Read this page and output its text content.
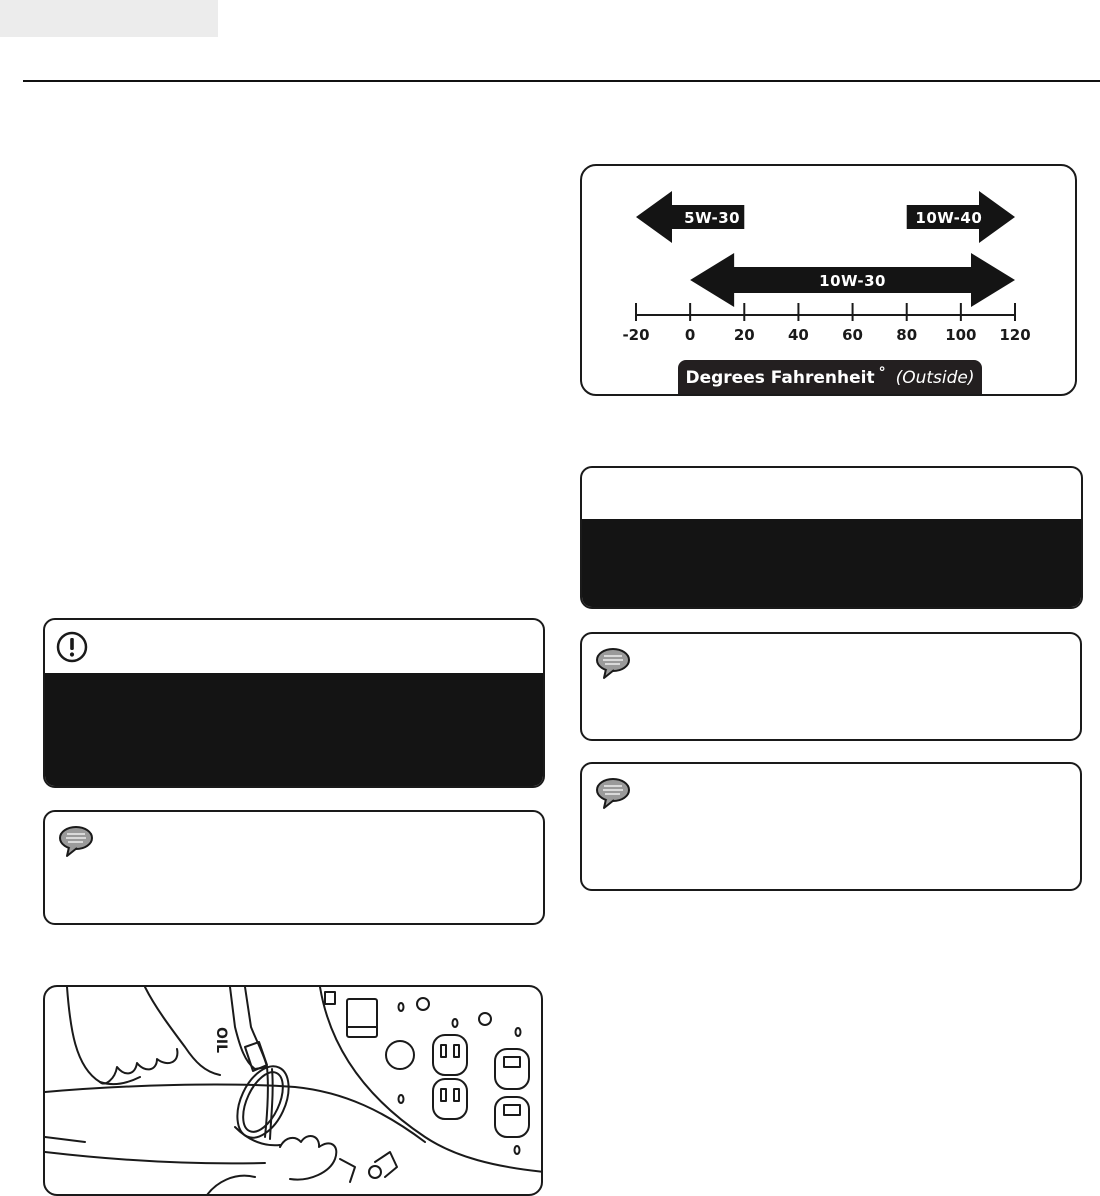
-20 0	20 40 60 80 100 120
5W-30	10W-40
10W-30
Degrees Fahrenheit ° (Outside)
OIL
